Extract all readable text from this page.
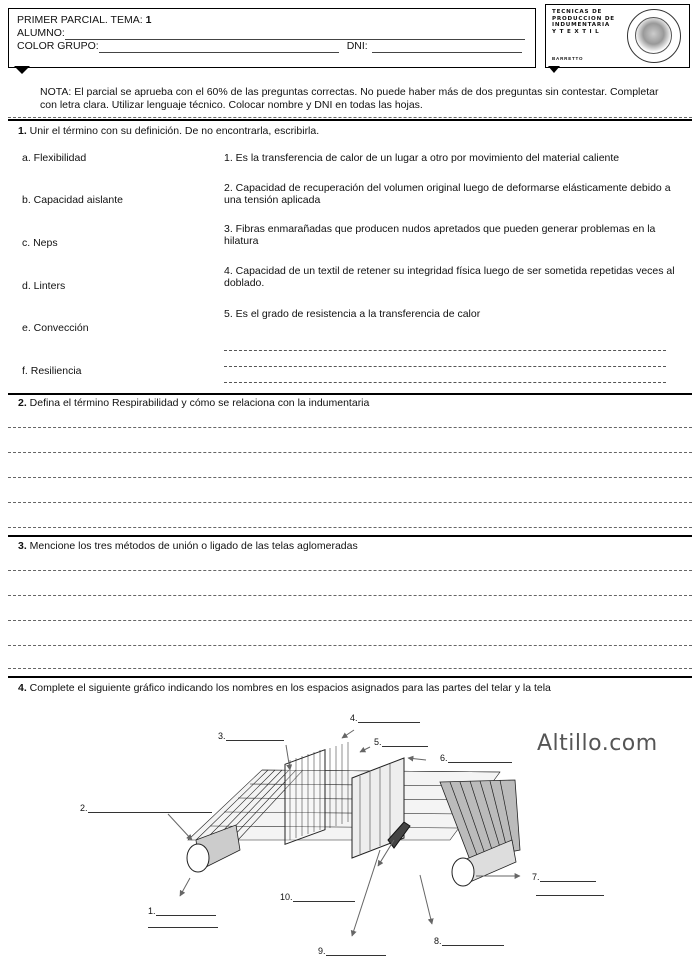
PRIMER PARCIAL. TEMA: 1
ALUMNO:
COLOR GRUPO:	DNI:
TECNICAS DE
PRODUCCION DE
INDUMENTARIA
Y T E X T I L
BARRETTO
NOTA: El parcial se aprueba con el 60% de las preguntas correctas. No puede haber más de dos preguntas sin contestar. Completar con letra clara. Utilizar lenguaje técnico. Colocar nombre y DNI en todas las hojas.
1. Unir el término con su definición. De no encontrarla, escribirla.
a. Flexibilidad
b. Capacidad aislante
c. Neps
d. Linters
e. Convección
f. Resiliencia
1. Es la transferencia de calor de un lugar a otro por movimiento del material caliente
2. Capacidad de recuperación del volumen original luego de deformarse elásticamente debido a una tensión aplicada
3. Fibras enmarañadas que producen nudos apretados que pueden generar problemas en la hilatura
4. Capacidad de un textil de retener su integridad física luego de ser sometida repetidas veces al doblado.
5. Es el grado de resistencia a la transferencia de calor
2. Defina el término Respirabilidad y cómo se relaciona con la indumentaria
3. Mencione los tres métodos de unión o ligado de las telas aglomeradas
4. Complete el siguiente gráfico indicando los nombres en los espacios asignados para las partes del telar y la tela
Altillo.com
1.
2.
3.
4.
5.
6.
7.
8.
9.
10.
